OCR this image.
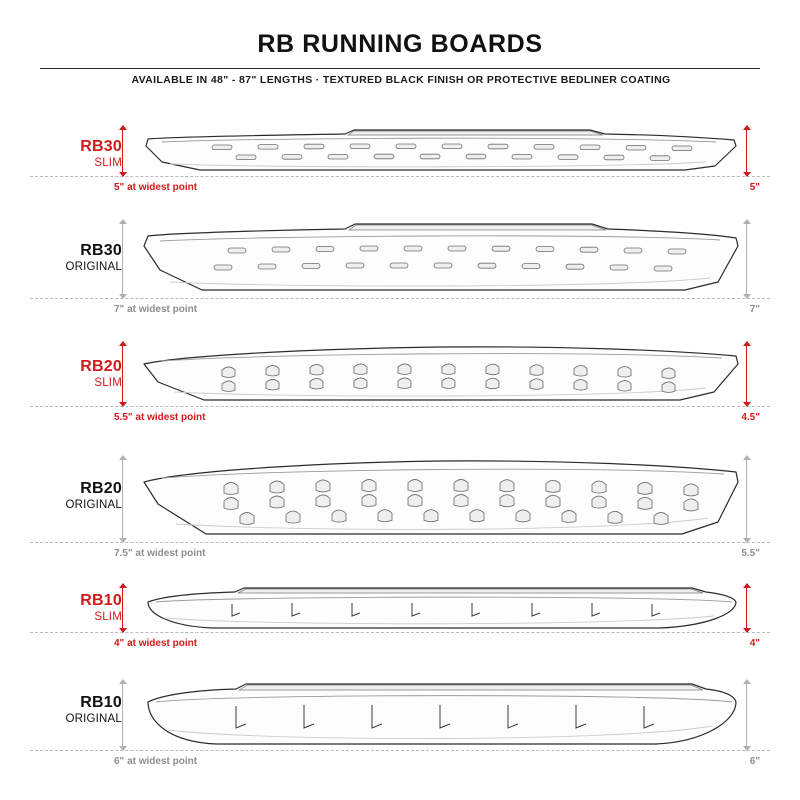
RB RUNNING BOARDS
AVAILABLE IN 48" - 87" LENGTHS · TEXTURED BLACK FINISH OR PROTECTIVE BEDLINER COATING
RB30
SLIM
5" at widest point	5"
RB30
ORIGINAL
7" at widest point	7"
RB20
SLIM
5.5" at widest point	4.5"
RB20
ORIGINAL
7.5" at widest point	5.5"
RB10
SLIM
4" at widest point	4"
RB10
ORIGINAL
6" at widest point	6"
